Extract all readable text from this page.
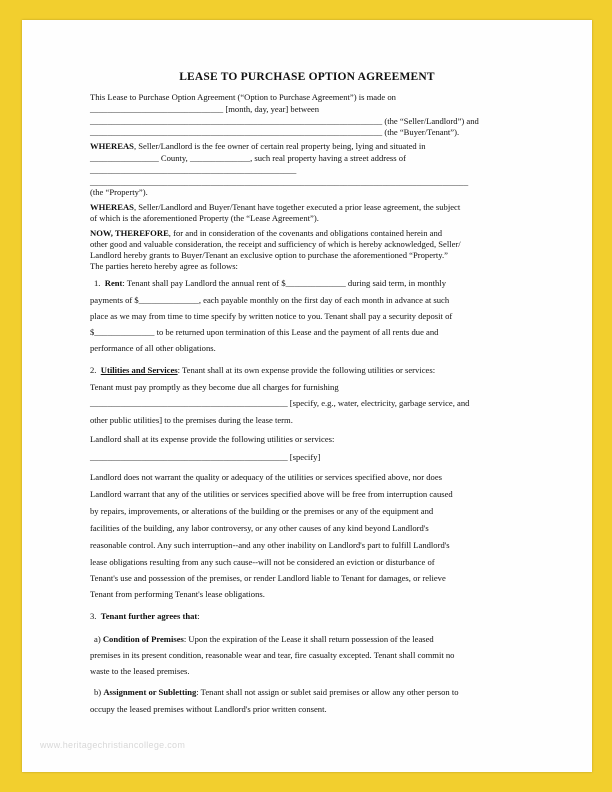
LEASE TO PURCHASE OPTION AGREEMENT

This Lease to Purchase Option Agreement (“Option to Purchase Agreement”) is made on

_______________________________ [month, day, year] between

____________________________________________________________________ (the “Seller/Landlord”) and

____________________________________________________________________ (the “Buyer/Tenant”).

WHEREAS, Seller/Landlord is the fee owner of certain real property being, lying and situated in

________________ County, ______________, such real property having a street address of

________________________________________________

________________________________________________________________________________________

(the “Property”).

WHEREAS, Seller/Landlord and Buyer/Tenant have together executed a prior lease agreement, the subject

of which is the aforementioned Property (the “Lease Agreement”).

NOW, THEREFORE, for and in consideration of the covenants and obligations contained herein and

other good and valuable consideration, the receipt and sufficiency of which is hereby acknowledged, Seller/

Landlord hereby grants to Buyer/Tenant an exclusive option to purchase the aforementioned “Property.”

The parties hereto hereby agree as follows:

1. Rent: Tenant shall pay Landlord the annual rent of $______________ during said term, in monthly

payments of $______________, each payable monthly on the first day of each month in advance at such

place as we may from time to time specify by written notice to you. Tenant shall pay a security deposit of

$______________ to be returned upon termination of this Lease and the payment of all rents due and

performance of all other obligations.

2. Utilities and Services: Tenant shall at its own expense provide the following utilities or services:

Tenant must pay promptly as they become due all charges for furnishing

______________________________________________ [specify, e.g., water, electricity, garbage service, and

other public utilities] to the premises during the lease term.

Landlord shall at its expense provide the following utilities or services:

______________________________________________ [specify]

Landlord does not warrant the quality or adequacy of the utilities or services specified above, nor does

Landlord warrant that any of the utilities or services specified above will be free from interruption caused

by repairs, improvements, or alterations of the building or the premises or any of the equipment and

facilities of the building, any labor controversy, or any other causes of any kind beyond Landlord's

reasonable control. Any such interruption--and any other inability on Landlord's part to fulfill Landlord's

lease obligations resulting from any such cause--will not be considered an eviction or disturbance of

Tenant's use and possession of the premises, or render Landlord liable to Tenant for damages, or relieve

Tenant from performing Tenant's lease obligations.

3. Tenant further agrees that:

a) Condition of Premises: Upon the expiration of the Lease it shall return possession of the leased

premises in its present condition, reasonable wear and tear, fire casualty excepted. Tenant shall commit no

waste to the leased premises.

b) Assignment or Subletting: Tenant shall not assign or sublet said premises or allow any other person to

occupy the leased premises without Landlord's prior written consent.

www.heritagechristiancollege.com
